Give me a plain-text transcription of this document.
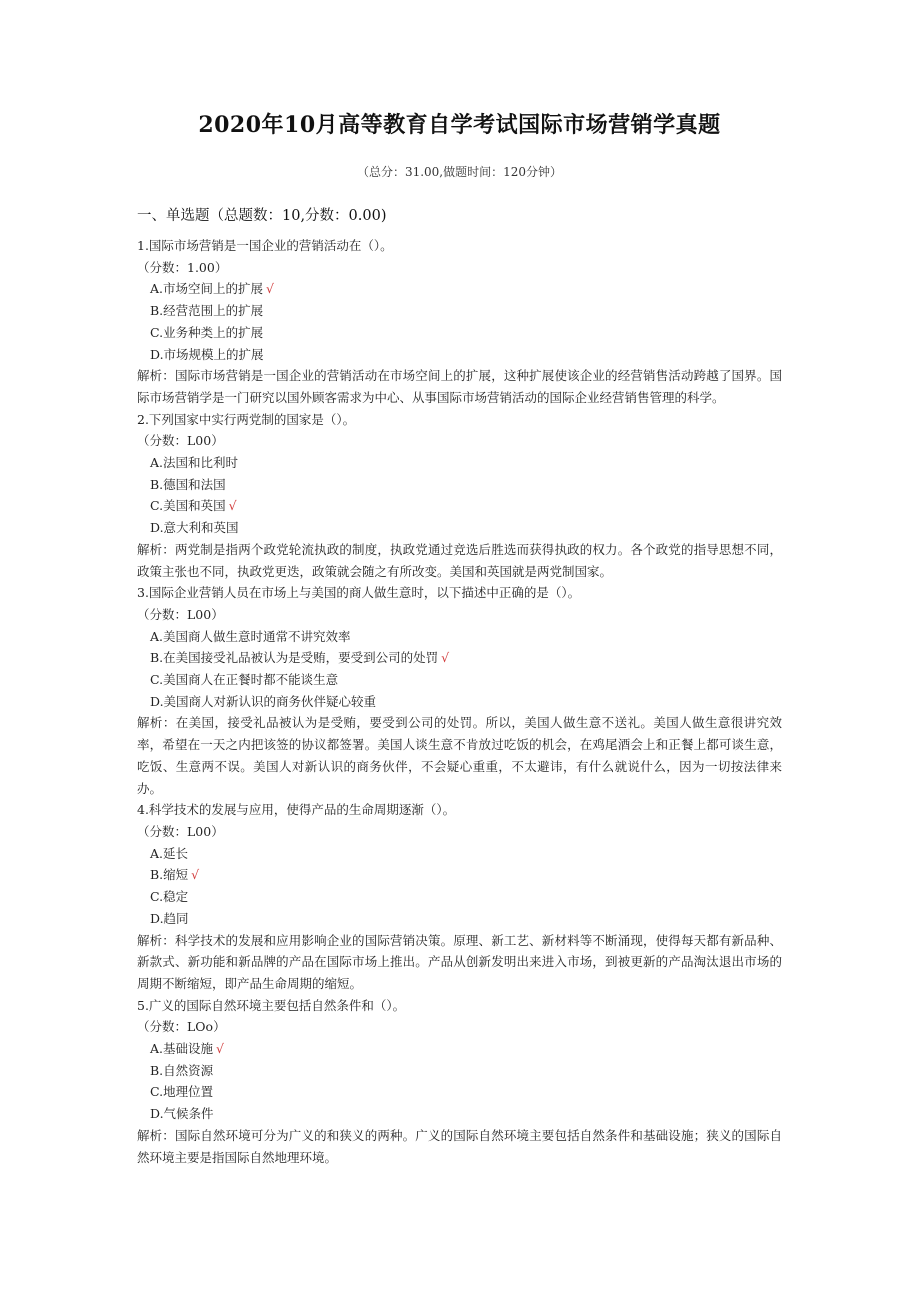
2020年10月高等教育自学考试国际市场营销学真题
（总分：31.00,做题时间：120分钟）
一、单选题（总题数：10,分数：0.00)

1.国际市场营销是一国企业的营销活动在（）。

（分数：1.00）

A.市场空间上的扩展 √

B.经营范围上的扩展

C.业务种类上的扩展

D.市场规模上的扩展

解析：国际市场营销是一国企业的营销活动在市场空间上的扩展，这种扩展使该企业的经营销售活动跨越了国界。国际市场营销学是一门研究以国外顾客需求为中心、从事国际市场营销活动的国际企业经营销售管理的科学。

2.下列国家中实行两党制的国家是（）。

（分数：L00）

A.法国和比利时

B.德国和法国

C.美国和英国 √

D.意大利和英国

解析：两党制是指两个政党轮流执政的制度，执政党通过竞选后胜选而获得执政的权力。各个政党的指导思想不同，政策主张也不同，执政党更迭，政策就会随之有所改变。美国和英国就是两党制国家。

3.国际企业营销人员在市场上与美国的商人做生意时，以下描述中正确的是（）。

（分数：L00）

A.美国商人做生意时通常不讲究效率

B.在美国接受礼品被认为是受贿，要受到公司的处罚 √

C.美国商人在正餐时都不能谈生意

D.美国商人对新认识的商务伙伴疑心较重

解析：在美国，接受礼品被认为是受贿，要受到公司的处罚。所以，美国人做生意不送礼。美国人做生意很讲究效率，希望在一天之内把该签的协议都签署。美国人谈生意不肯放过吃饭的机会，在鸡尾酒会上和正餐上都可谈生意，吃饭、生意两不误。美国人对新认识的商务伙伴，不会疑心重重，不太避讳，有什么就说什么，因为一切按法律来办。

4.科学技术的发展与应用，使得产品的生命周期逐渐（）。

（分数：L00）

A.延长

B.缩短 √

C.稳定

D.趋同

解析：科学技术的发展和应用影响企业的国际营销决策。原理、新工艺、新材料等不断涌现，使得每天都有新品种、新款式、新功能和新品牌的产品在国际市场上推出。产品从创新发明出来进入市场，到被更新的产品淘汰退出市场的周期不断缩短，即产品生命周期的缩短。

5.广义的国际自然环境主要包括自然条件和（）。

（分数：LOo）

A.基础设施 √

B.自然资源

C.地理位置

D.气候条件

解析：国际自然环境可分为广义的和狭义的两种。广义的国际自然环境主要包括自然条件和基础设施；狭义的国际自然环境主要是指国际自然地理环境。
